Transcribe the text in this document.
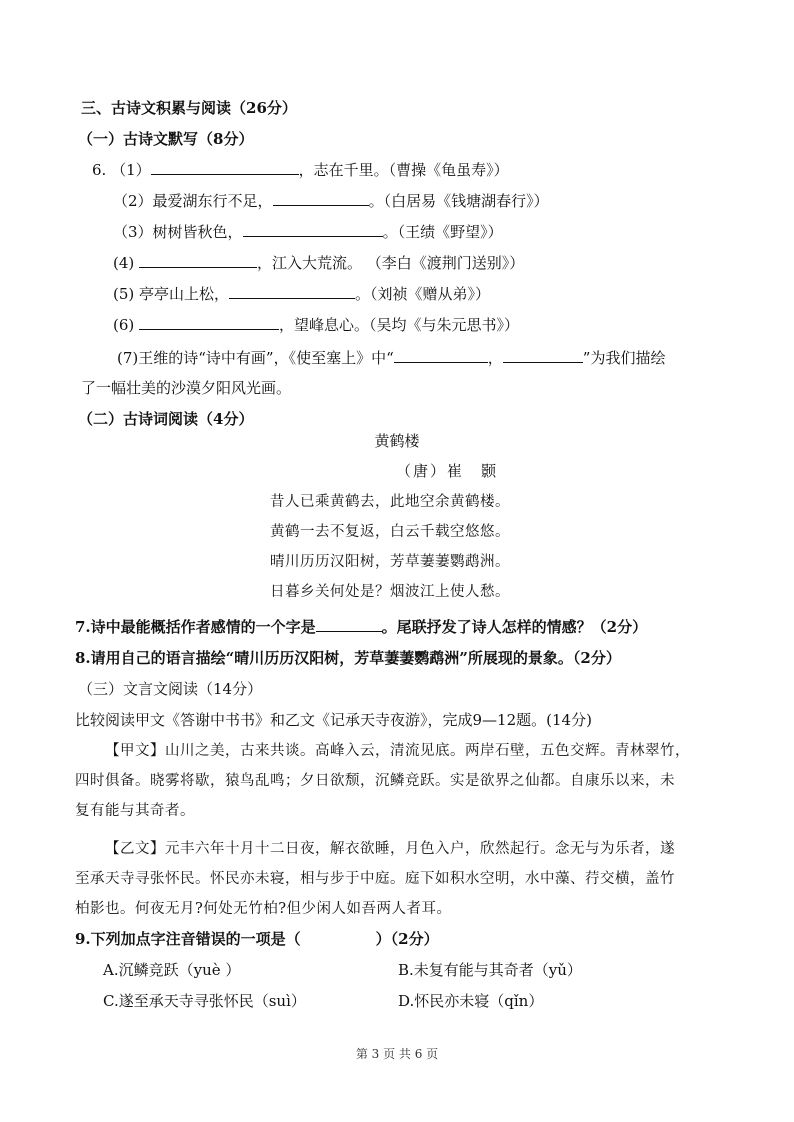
三、古诗文积累与阅读（26分）
（一）古诗文默写（8分）
6. （1）	，志在千里。（曹操《龟虽寿》）
（2）最爱湖东行不足，	。（白居易《钱塘湖春行》）
（3）树树皆秋色，	。（王绩《野望》）
(4)	，江入大荒流。 （李白《渡荆门送别》）
(5) 亭亭山上松，	。（刘祯《赠从弟》）
(6)	，望峰息心。（吴均《与朱元思书》）
(7)王维的诗“诗中有画”，《使至塞上》中“	，	”为我们描绘
了一幅壮美的沙漠夕阳风光画。
（二）古诗词阅读（4分）
黄鹤楼
（唐）崔　颢
昔人已乘黄鹤去，此地空余黄鹤楼。
黄鹤一去不复返，白云千载空悠悠。
晴川历历汉阳树，芳草萋萋鹦鹉洲。
日暮乡关何处是？烟波江上使人愁。
7.诗中最能概括作者感情的一个字是	。尾联抒发了诗人怎样的情感？（2分）
8.请用自己的语言描绘“晴川历历汉阳树，芳草萋萋鹦鹉洲”所展现的景象。（2分）
（三）文言文阅读（14分）
比较阅读甲文《答谢中书书》和乙文《记承天寺夜游》，完成9—12题。(14分)
【甲文】山川之美，古来共谈。高峰入云，清流见底。两岸石壁，五色交辉。青林翠竹，
四时俱备。晓雾将歇，猿鸟乱鸣；夕日欲颓，沉鳞竞跃。实是欲界之仙都。自康乐以来，未
复有能与其奇者。
【乙文】元丰六年十月十二日夜，解衣欲睡，月色入户，欣然起行。念无与为乐者，遂
至承天寺寻张怀民。怀民亦未寝，相与步于中庭。庭下如积水空明，水中藻、荇交横，盖竹
柏影也。何夜无月?何处无竹柏?但少闲人如吾两人者耳。
9.下列加点字注音错误的一项是（　　　　　）（2分）
A.沉鳞竞跃（yuè ）	B.未复有能与其奇者（yǔ）
C.遂至承天寺寻张怀民（suì）	D.怀民亦未寝（qǐn）
第 3 页 共 6 页
